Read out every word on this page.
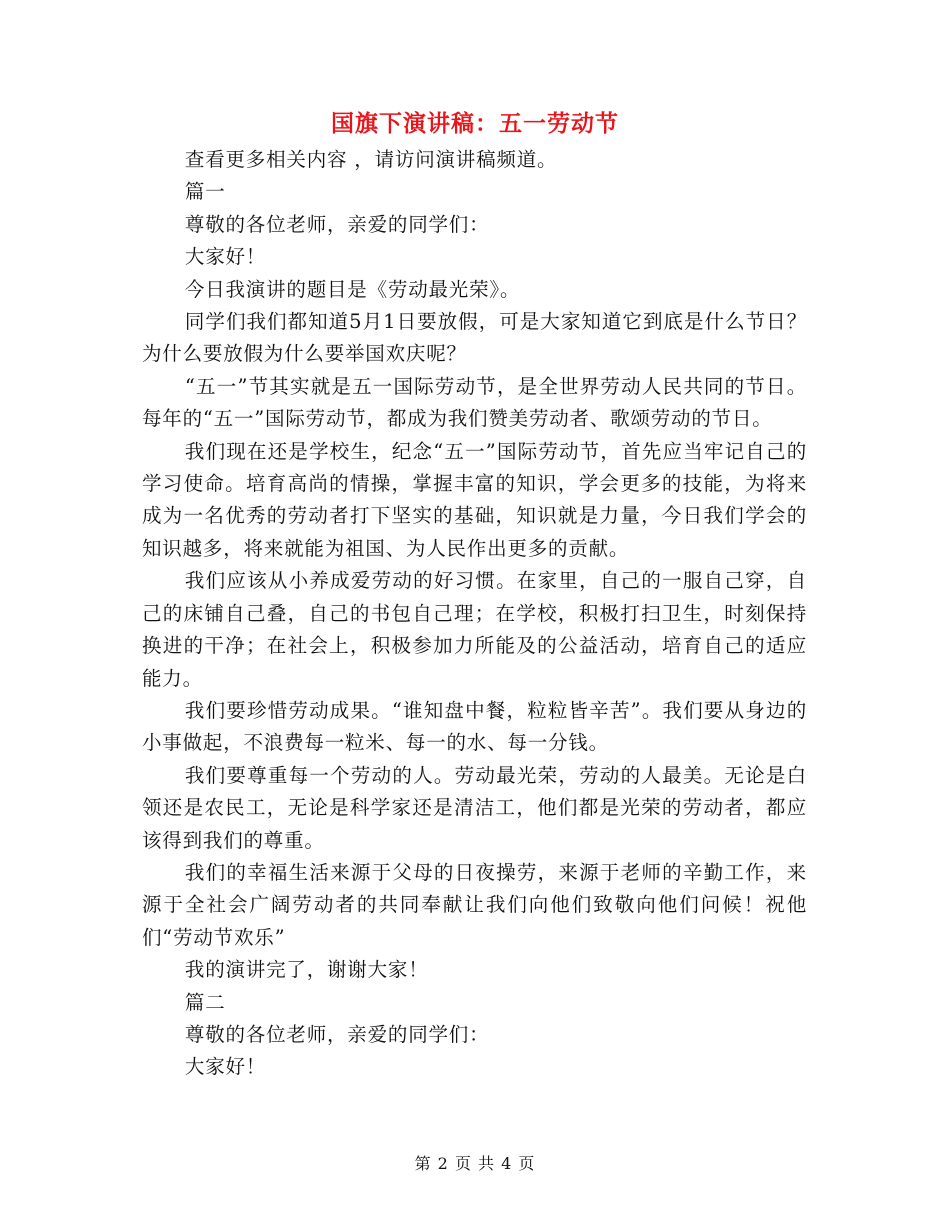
国旗下演讲稿：五一劳动节

查看更多相关内容 ，请访问演讲稿频道。

篇一

尊敬的各位老师，亲爱的同学们：

大家好！

今日我演讲的题目是《劳动最光荣》。

同学们我们都知道5月1日要放假，可是大家知道它到底是什么节日？为什么要放假为什么要举国欢庆呢？

“五一”节其实就是五一国际劳动节，是全世界劳动人民共同的节日。每年的“五一”国际劳动节，都成为我们赞美劳动者、歌颂劳动的节日。

我们现在还是学校生，纪念“五一”国际劳动节，首先应当牢记自己的学习使命。培育高尚的情操，掌握丰富的知识，学会更多的技能，为将来成为一名优秀的劳动者打下坚实的基础，知识就是力量，今日我们学会的知识越多，将来就能为祖国、为人民作出更多的贡献。

我们应该从小养成爱劳动的好习惯。在家里，自己的一服自己穿，自己的床铺自己叠，自己的书包自己理；在学校，积极打扫卫生，时刻保持换进的干净；在社会上，积极参加力所能及的公益活动，培育自己的适应能力。

我们要珍惜劳动成果。“谁知盘中餐，粒粒皆辛苦”。我们要从身边的小事做起，不浪费每一粒米、每一的水、每一分钱。

我们要尊重每一个劳动的人。劳动最光荣，劳动的人最美。无论是白领还是农民工，无论是科学家还是清洁工，他们都是光荣的劳动者，都应该得到我们的尊重。

我们的幸福生活来源于父母的日夜操劳，来源于老师的辛勤工作，来源于全社会广阔劳动者的共同奉献让我们向他们致敬向他们问候！祝他们“劳动节欢乐”

我的演讲完了，谢谢大家！

篇二

尊敬的各位老师，亲爱的同学们：

大家好！

第 2 页 共 4 页
